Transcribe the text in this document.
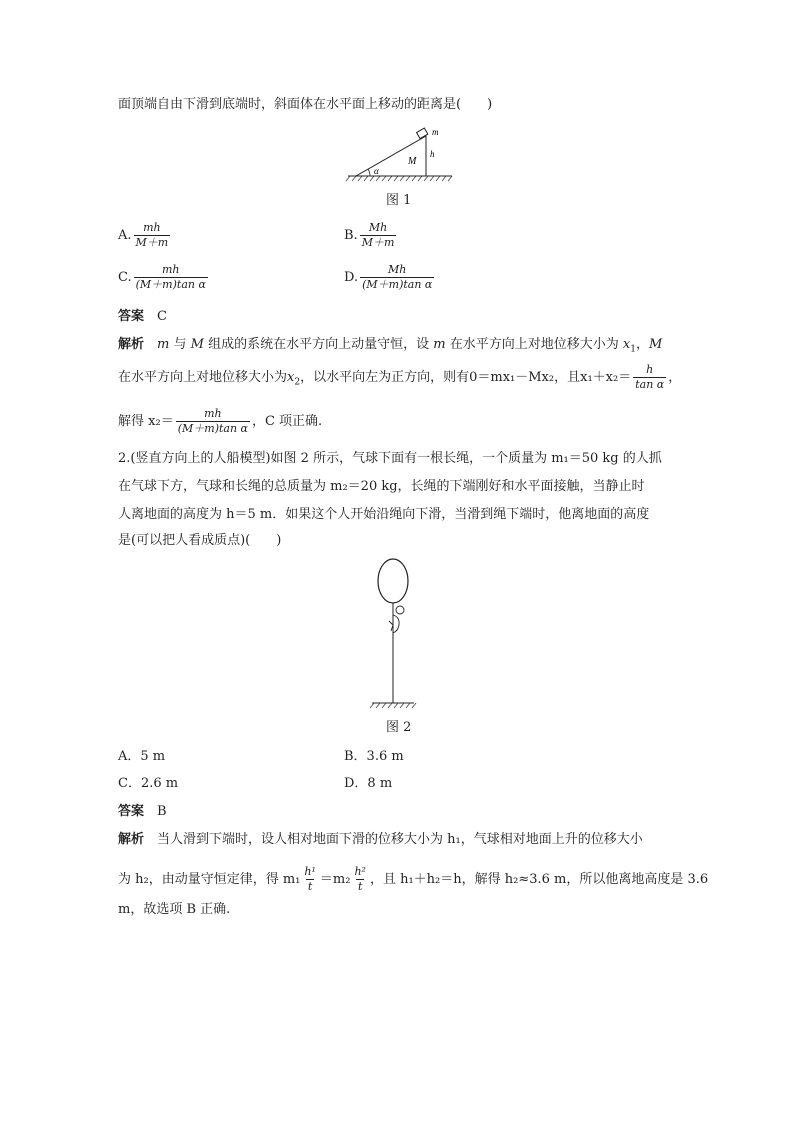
面顶端自由下滑到底端时，斜面体在水平面上移动的距离是(　　)
α
M
h
m
图 1
A. $\frac{mh}{M+m}$	B. $\frac{Mh}{M+m}$
C. $\frac{mh}{\text{(M＋m)tan α}}$	D. $\frac{Mh}{\text{(M＋m)tan α}}$
答案　 C
解析　 m 与 M 组成的系统在水平方向上动量守恒，设 m 在水平方向上对地位移大小为 $x_1$，M
在水平方向上对地位移大小为$x_2$，以水平向左为正方向，则有0＝mx₁－Mx₂，且$x_1+x_2= \frac{h}{\text{tan α}}$ ，
解得 $x_2= \frac{mh}{\text{(M＋m)tan α}}$ ，C 项正确.
2.(竖直方向上的人船模型)如图 2 所示，气球下面有一根长绳，一个质量为 m₁＝50 kg 的人抓
在气球下方，气球和长绳的总质量为 m₂＝20 kg，长绳的下端刚好和水平面接触，当静止时
人离地面的高度为 h＝5 m．如果这个人开始沿绳向下滑，当滑到绳下端时，他离地面的高度
是(可以把人看成质点)(　　)
图 2
A．5 m	B．3.6 m
C．2.6 m	D．8 m
答案　 B
解析　 当人滑到下端时，设人相对地面下滑的位移大小为 h₁，气球相对地面上升的位移大小
为 h₂，由动量守恒定律，得 $m_1 \frac{\text{h¹}}{t} =m_2 \frac{\text{h²}}{t}$ ，且 h₁＋h₂＝h，解得 h₂≈3.6 m，所以他离地高度是 3.6
m，故选项 B 正确.
